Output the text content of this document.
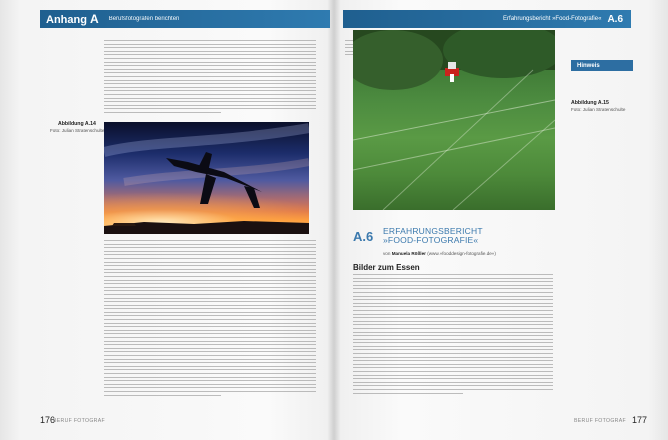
Anhang A Berufsfotografen berichten
Abbildung A.14
Foto: Julian Stratenschulte
176
BERUF FOTOGRAF
Erfahrungsbericht »Food-Fotografie« A.6
Hinweis
Abbildung A.15
Foto: Julian Stratenschulte
A.6 ERFAHRUNGSBERICHT
»FOOD-FOTOGRAFIE«
von Manuela Rößler (www.»fooddesign-fotografie.de«)
Bilder zum Essen
BERUF FOTOGRAF 177
